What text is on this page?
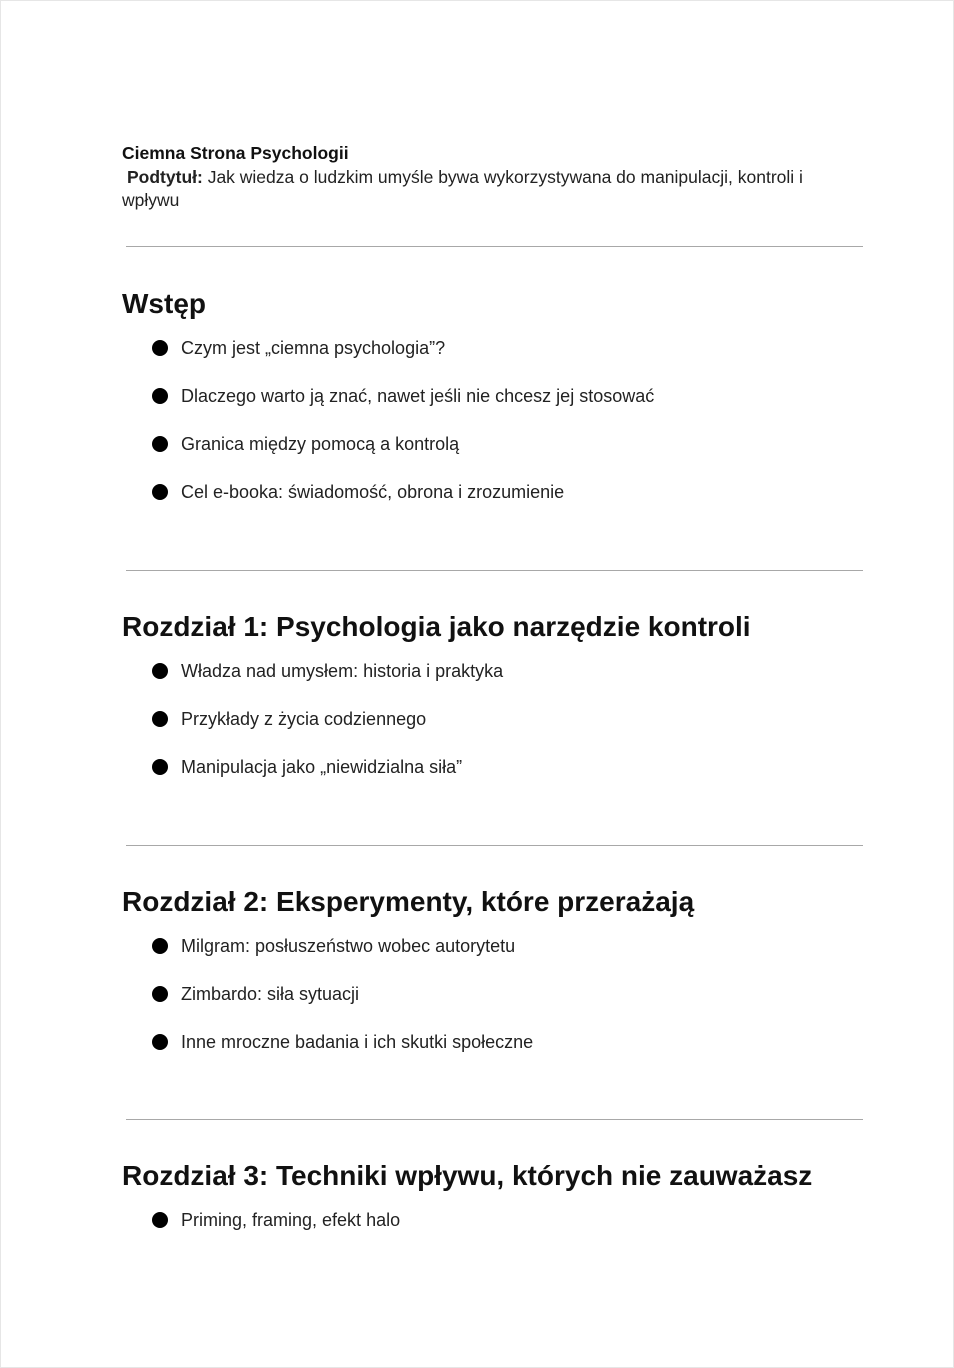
Ciemna Strona Psychologii
Podtytuł: Jak wiedza o ludzkim umyśle bywa wykorzystywana do manipulacji, kontroli i wpływu
Wstęp
Czym jest „ciemna psychologia”?
Dlaczego warto ją znać, nawet jeśli nie chcesz jej stosować
Granica między pomocą a kontrolą
Cel e-booka: świadomość, obrona i zrozumienie
Rozdział 1: Psychologia jako narzędzie kontroli
Władza nad umysłem: historia i praktyka
Przykłady z życia codziennego
Manipulacja jako „niewidzialna siła”
Rozdział 2: Eksperymenty, które przerażają
Milgram: posłuszeństwo wobec autorytetu
Zimbardo: siła sytuacji
Inne mroczne badania i ich skutki społeczne
Rozdział 3: Techniki wpływu, których nie zauważasz
Priming, framing, efekt halo
